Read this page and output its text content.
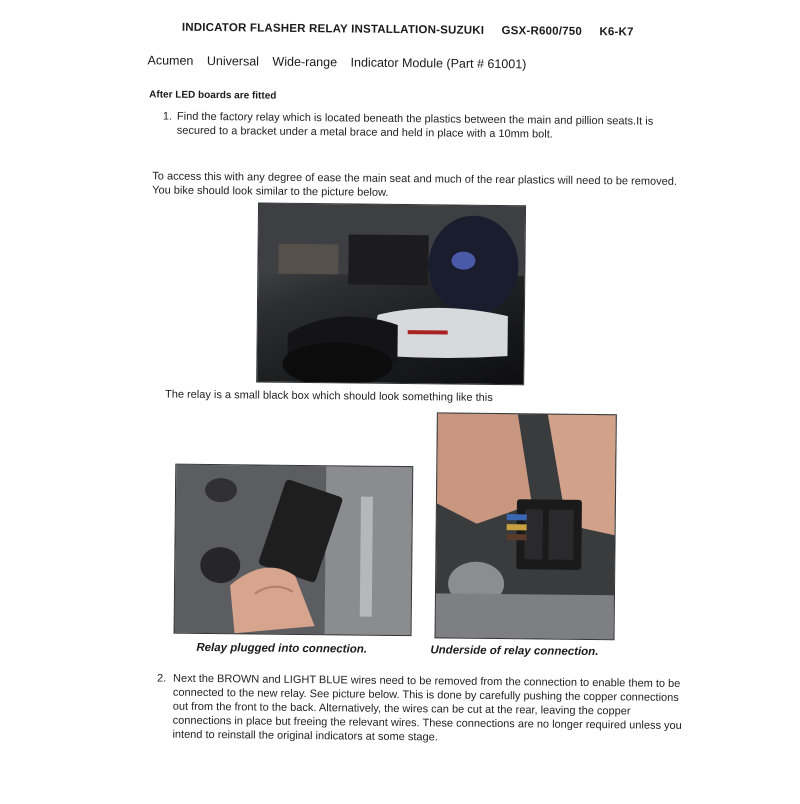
INDICATOR FLASHER RELAY INSTALLATION-SUZUKI GSX-R600/750 K6-K7
Acumen Universal Wide-range Indicator Module (Part # 61001)
After LED boards are fitted
1. Find the factory relay which is located beneath the plastics between the main and pillion seats.It is secured to a bracket under a metal brace and held in place with a 10mm bolt.
To access this with any degree of ease the main seat and much of the rear plastics will need to be removed. You bike should look similar to the picture below.
The relay is a small black box which should look something like this
Relay plugged into connection.	Underside of relay connection.
2. Next the BROWN and LIGHT BLUE wires need to be removed from the connection to enable them to be connected to the new relay. See picture below. This is done by carefully pushing the copper connections out from the front to the back. Alternatively, the wires can be cut at the rear, leaving the copper connections in place but freeing the relevant wires. These connections are no longer required unless you intend to reinstall the original indicators at some stage.
